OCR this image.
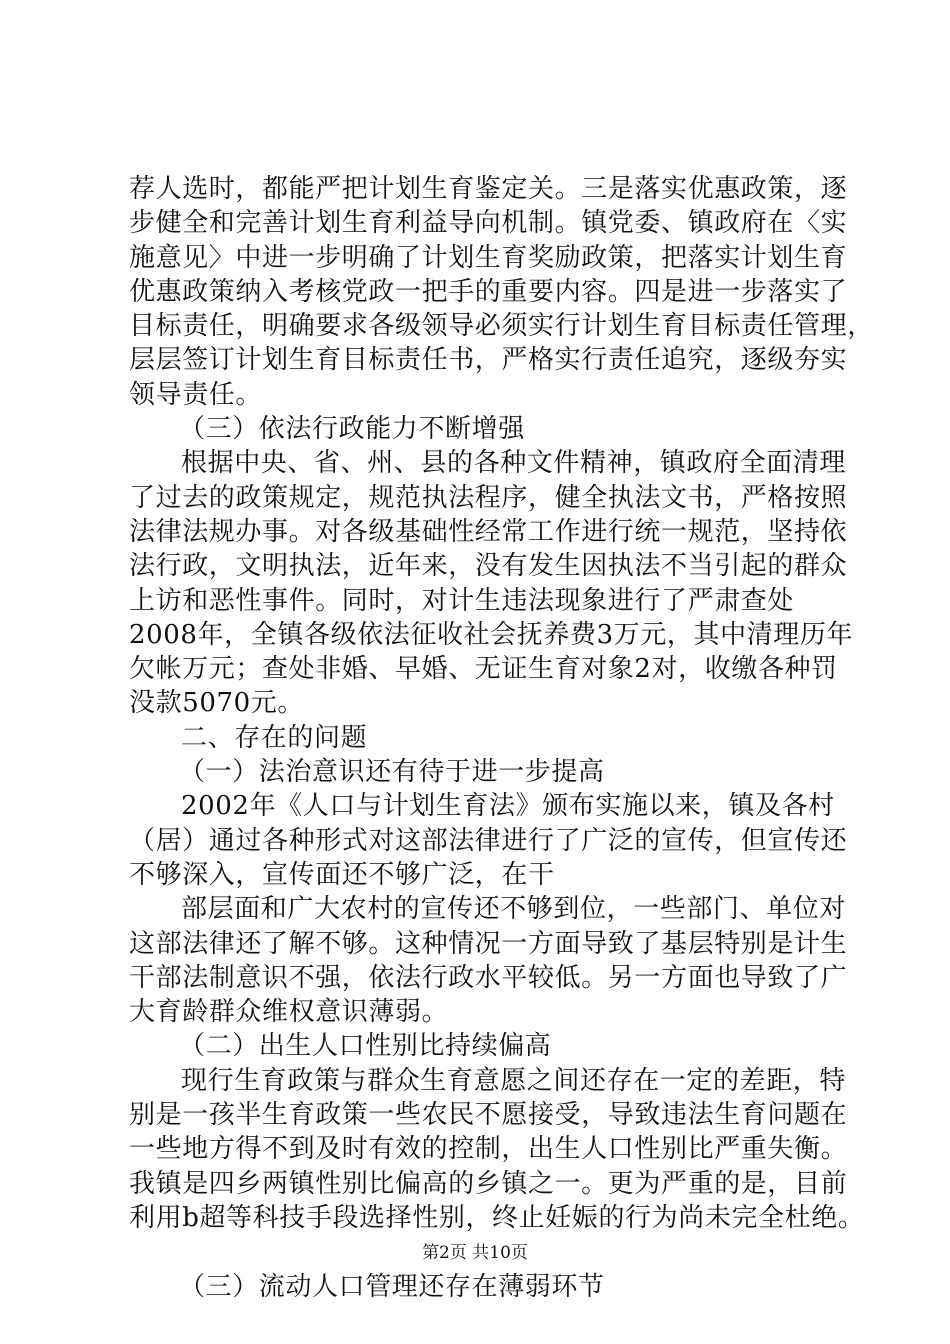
荐人选时，都能严把计划生育鉴定关。三是落实优惠政策，逐
步健全和完善计划生育利益导向机制。镇党委、镇政府在〈实
施意见〉中进一步明确了计划生育奖励政策，把落实计划生育
优惠政策纳入考核党政一把手的重要内容。四是进一步落实了
目标责任，明确要求各级领导必须实行计划生育目标责任管理，
层层签订计划生育目标责任书，严格实行责任追究，逐级夯实
领导责任。
（三）依法行政能力不断增强
根据中央、省、州、县的各种文件精神，镇政府全面清理
了过去的政策规定，规范执法程序，健全执法文书，严格按照
法律法规办事。对各级基础性经常工作进行统一规范，坚持依
法行政，文明执法，近年来，没有发生因执法不当引起的群众
上访和恶性事件。同时，对计生违法现象进行了严肃查处
2008年，全镇各级依法征收社会抚养费3万元，其中清理历年
欠帐万元；查处非婚、早婚、无证生育对象2对，收缴各种罚
没款5070元。
二、存在的问题
（一）法治意识还有待于进一步提高
2002年《人口与计划生育法》颁布实施以来，镇及各村
（居）通过各种形式对这部法律进行了广泛的宣传，但宣传还
不够深入，宣传面还不够广泛，在干
部层面和广大农村的宣传还不够到位，一些部门、单位对
这部法律还了解不够。这种情况一方面导致了基层特别是计生
干部法制意识不强，依法行政水平较低。另一方面也导致了广
大育龄群众维权意识薄弱。
（二）出生人口性别比持续偏高
现行生育政策与群众生育意愿之间还存在一定的差距，特
别是一孩半生育政策一些农民不愿接受，导致违法生育问题在
一些地方得不到及时有效的控制，出生人口性别比严重失衡。
我镇是四乡两镇性别比偏高的乡镇之一。更为严重的是，目前
利用b超等科技手段选择性别，终止妊娠的行为尚未完全杜绝。
（三）流动人口管理还存在薄弱环节
第2页 共10页
